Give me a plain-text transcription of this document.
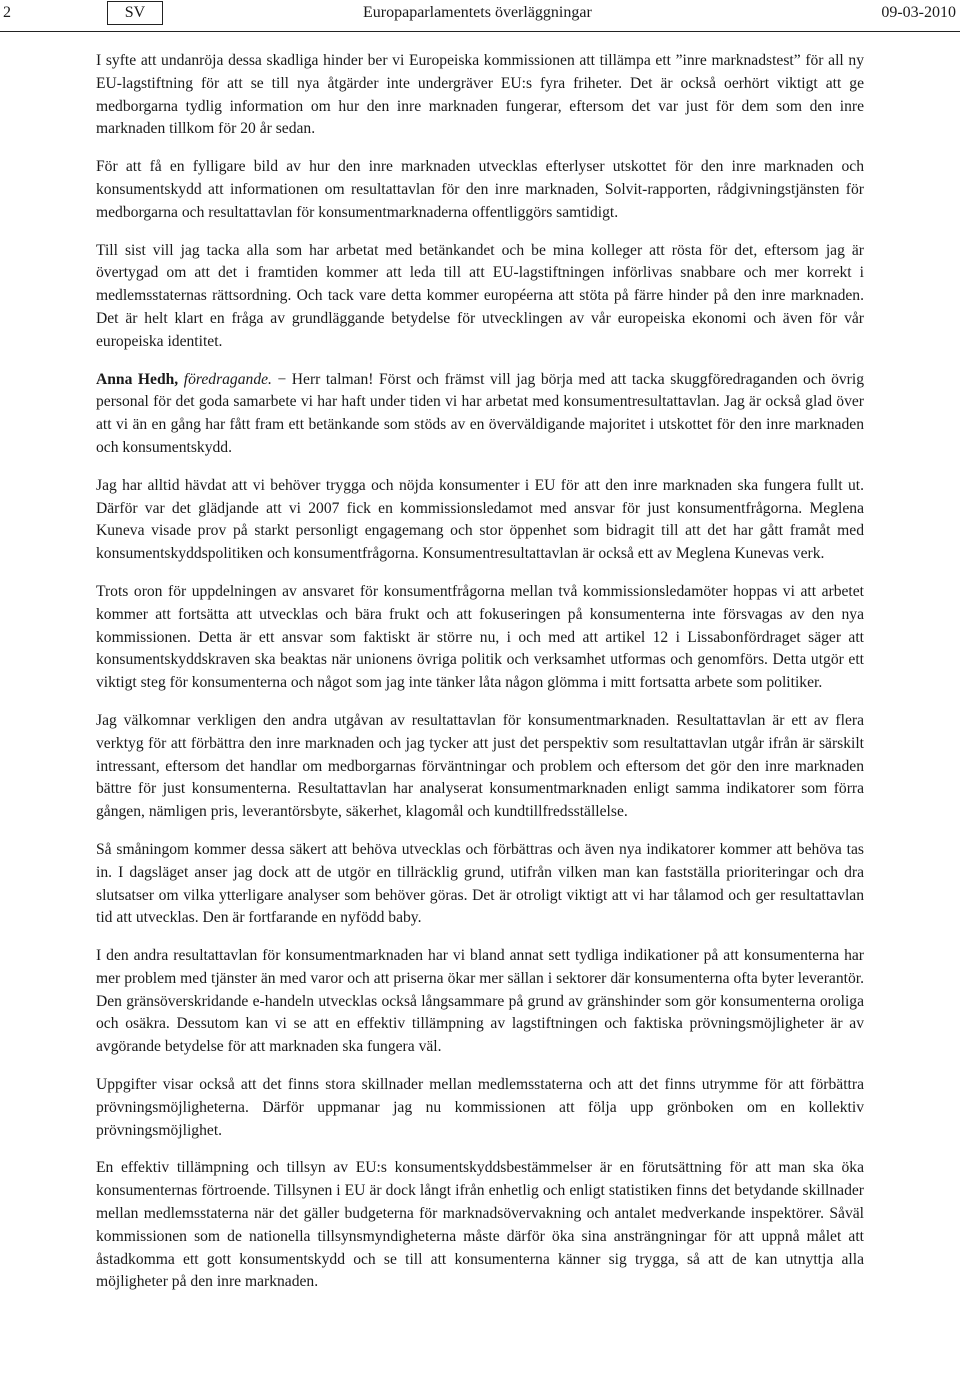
2	SV	Europaparlamentets överläggningar	09-03-2010

I syfte att undanröja dessa skadliga hinder ber vi Europeiska kommissionen att tillämpa ett ”inre marknadstest” för all ny EU-lagstiftning för att se till nya åtgärder inte undergräver EU:s fyra friheter. Det är också oerhört viktigt att ge medborgarna tydlig information om hur den inre marknaden fungerar, eftersom det var just för dem som den inre marknaden tillkom för 20 år sedan.

För att få en fylligare bild av hur den inre marknaden utvecklas efterlyser utskottet för den inre marknaden och konsumentskydd att informationen om resultattavlan för den inre marknaden, Solvit-rapporten, rådgivningstjänsten för medborgarna och resultattavlan för konsumentmarknaderna offentliggörs samtidigt.

Till sist vill jag tacka alla som har arbetat med betänkandet och be mina kolleger att rösta för det, eftersom jag är övertygad om att det i framtiden kommer att leda till att EU-lagstiftningen införlivas snabbare och mer korrekt i medlemsstaternas rättsordning. Och tack vare detta kommer européerna att stöta på färre hinder på den inre marknaden. Det är helt klart en fråga av grundläggande betydelse för utvecklingen av vår europeiska ekonomi och även för vår europeiska identitet.

Anna Hedh, föredragande. − Herr talman! Först och främst vill jag börja med att tacka skuggföredraganden och övrig personal för det goda samarbete vi har haft under tiden vi har arbetat med konsumentresultattavlan. Jag är också glad över att vi än en gång har fått fram ett betänkande som stöds av en överväldigande majoritet i utskottet för den inre marknaden och konsumentskydd.

Jag har alltid hävdat att vi behöver trygga och nöjda konsumenter i EU för att den inre marknaden ska fungera fullt ut. Därför var det glädjande att vi 2007 fick en kommissionsledamot med ansvar för just konsumentfrågorna. Meglena Kuneva visade prov på starkt personligt engagemang och stor öppenhet som bidragit till att det har gått framåt med konsumentskyddspolitiken och konsumentfrågorna. Konsumentresultattavlan är också ett av Meglena Kunevas verk.

Trots oron för uppdelningen av ansvaret för konsumentfrågorna mellan två kommissionsledamöter hoppas vi att arbetet kommer att fortsätta att utvecklas och bära frukt och att fokuseringen på konsumenterna inte försvagas av den nya kommissionen. Detta är ett ansvar som faktiskt är större nu, i och med att artikel 12 i Lissabonfördraget säger att konsumentskyddskraven ska beaktas när unionens övriga politik och verksamhet utformas och genomförs. Detta utgör ett viktigt steg för konsumenterna och något som jag inte tänker låta någon glömma i mitt fortsatta arbete som politiker.

Jag välkomnar verkligen den andra utgåvan av resultattavlan för konsumentmarknaden. Resultattavlan är ett av flera verktyg för att förbättra den inre marknaden och jag tycker att just det perspektiv som resultattavlan utgår ifrån är särskilt intressant, eftersom det handlar om medborgarnas förväntningar och problem och eftersom det gör den inre marknaden bättre för just konsumenterna. Resultattavlan har analyserat konsumentmarknaden enligt samma indikatorer som förra gången, nämligen pris, leverantörsbyte, säkerhet, klagomål och kundtillfredsställelse.

Så småningom kommer dessa säkert att behöva utvecklas och förbättras och även nya indikatorer kommer att behöva tas in. I dagsläget anser jag dock att de utgör en tillräcklig grund, utifrån vilken man kan fastställa prioriteringar och dra slutsatser om vilka ytterligare analyser som behöver göras. Det är otroligt viktigt att vi har tålamod och ger resultattavlan tid att utvecklas. Den är fortfarande en nyfödd baby.

I den andra resultattavlan för konsumentmarknaden har vi bland annat sett tydliga indikationer på att konsumenterna har mer problem med tjänster än med varor och att priserna ökar mer sällan i sektorer där konsumenterna ofta byter leverantör. Den gränsöverskridande e-handeln utvecklas också långsammare på grund av gränshinder som gör konsumenterna oroliga och osäkra. Dessutom kan vi se att en effektiv tillämpning av lagstiftningen och faktiska prövningsmöjligheter är av avgörande betydelse för att marknaden ska fungera väl.

Uppgifter visar också att det finns stora skillnader mellan medlemsstaterna och att det finns utrymme för att förbättra prövningsmöjligheterna. Därför uppmanar jag nu kommissionen att följa upp grönboken om en kollektiv prövningsmöjlighet.

En effektiv tillämpning och tillsyn av EU:s konsumentskyddsbestämmelser är en förutsättning för att man ska öka konsumenternas förtroende. Tillsynen i EU är dock långt ifrån enhetlig och enligt statistiken finns det betydande skillnader mellan medlemsstaterna när det gäller budgeterna för marknadsövervakning och antalet medverkande inspektörer. Såväl kommissionen som de nationella tillsynsmyndigheterna måste därför öka sina ansträngningar för att uppnå målet att åstadkomma ett gott konsumentskydd och se till att konsumenterna känner sig trygga, så att de kan utnyttja alla möjligheter på den inre marknaden.
